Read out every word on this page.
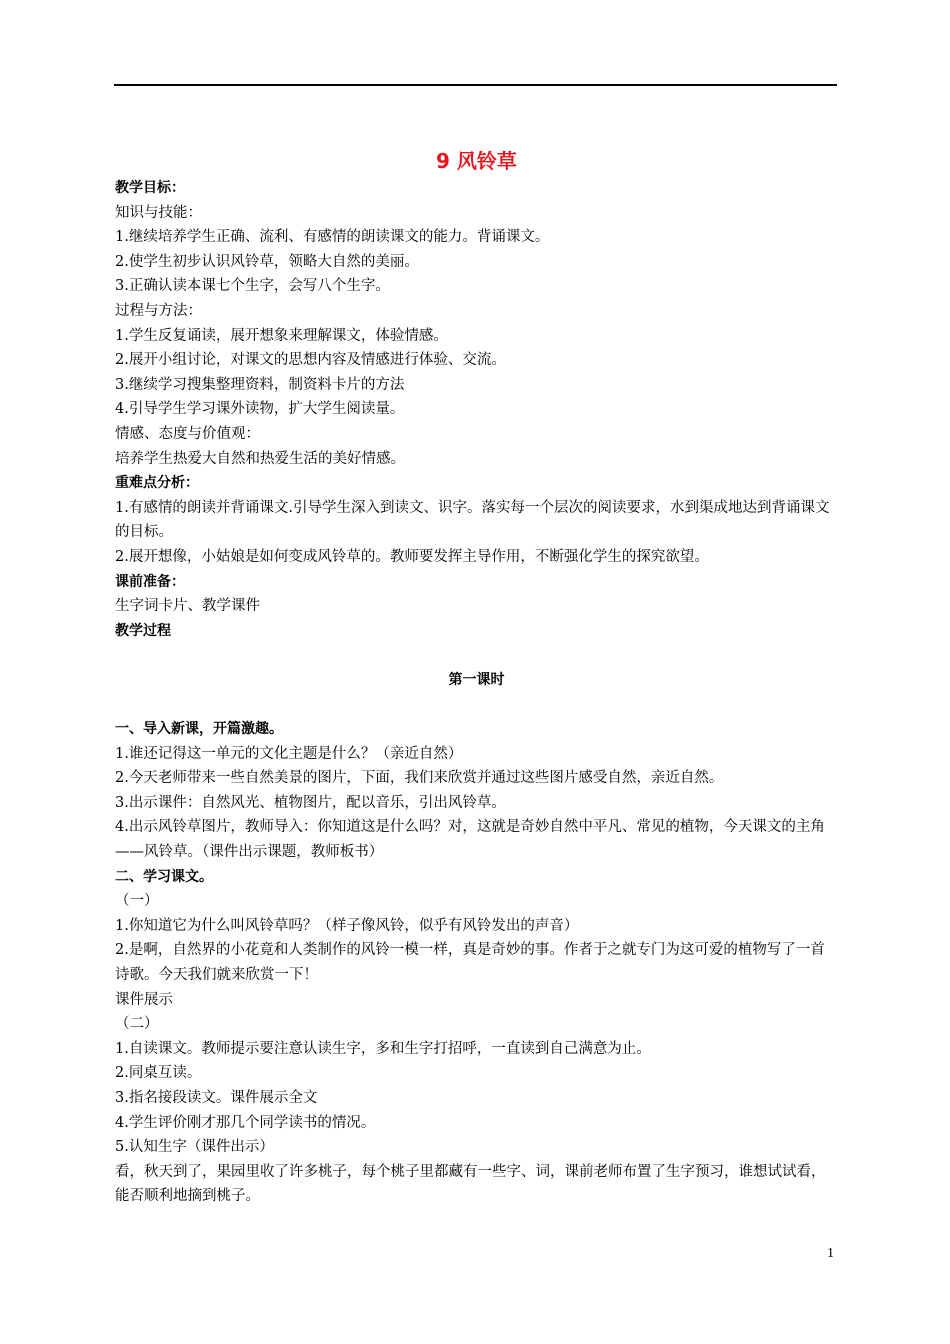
9 风铃草

教学目标：

知识与技能：

1.继续培养学生正确、流利、有感情的朗读课文的能力。背诵课文。

2.使学生初步认识风铃草，领略大自然的美丽。

3.正确认读本课七个生字，会写八个生字。

过程与方法：

1.学生反复诵读，展开想象来理解课文，体验情感。

2.展开小组讨论，对课文的思想内容及情感进行体验、交流。

3.继续学习搜集整理资料，制资料卡片的方法

4.引导学生学习课外读物，扩大学生阅读量。

情感、态度与价值观：

培养学生热爱大自然和热爱生活的美好情感。

重难点分析：

1.有感情的朗读并背诵课文.引导学生深入到读文、识字。落实每一个层次的阅读要求，水到渠成地达到背诵课文的目标。

2.展开想像，小姑娘是如何变成风铃草的。教师要发挥主导作用，不断强化学生的探究欲望。

课前准备：

生字词卡片、教学课件

教学过程

第一课时

一、导入新课，开篇激趣。

1.谁还记得这一单元的文化主题是什么？（亲近自然）

2.今天老师带来一些自然美景的图片，下面，我们来欣赏并通过这些图片感受自然，亲近自然。

3.出示课件：自然风光、植物图片，配以音乐，引出风铃草。

4.出示风铃草图片，教师导入：你知道这是什么吗？对，这就是奇妙自然中平凡、常见的植物，今天课文的主角——风铃草。（课件出示课题，教师板书）

二、学习课文。

（一）

1.你知道它为什么叫风铃草吗？（样子像风铃，似乎有风铃发出的声音）

2.是啊，自然界的小花竟和人类制作的风铃一模一样，真是奇妙的事。作者于之就专门为这可爱的植物写了一首诗歌。今天我们就来欣赏一下！

课件展示

（二）

1.自读课文。教师提示要注意认读生字，多和生字打招呼，一直读到自己满意为止。

2.同桌互读。

3.指名接段读文。课件展示全文

4.学生评价刚才那几个同学读书的情况。

5.认知生字（课件出示）

看，秋天到了，果园里收了许多桃子，每个桃子里都藏有一些字、词，课前老师布置了生字预习，谁想试试看，能否顺利地摘到桃子。

1
